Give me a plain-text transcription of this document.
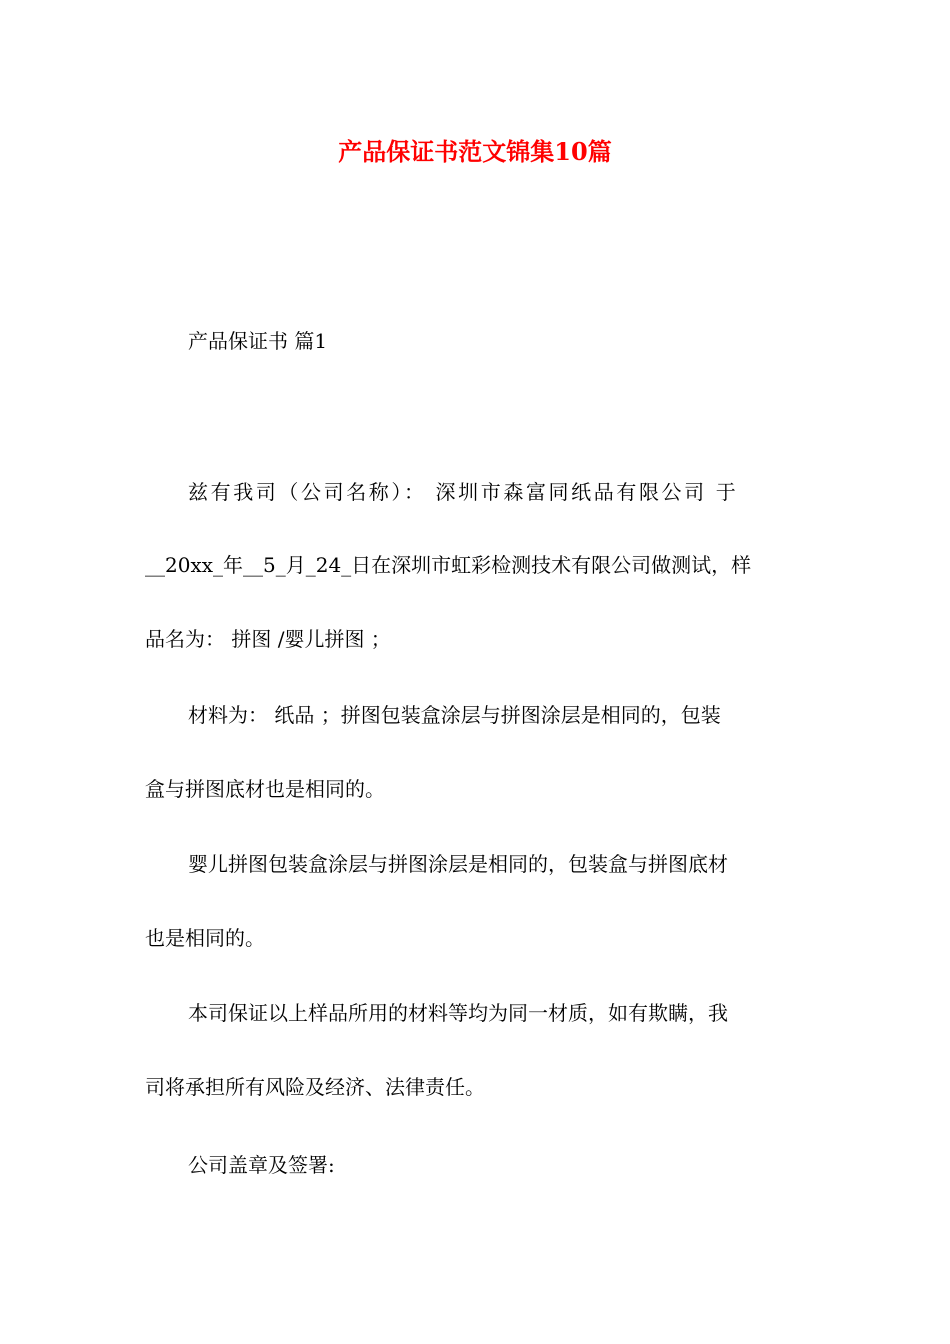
产品保证书范文锦集10篇
产品保证书 篇1
兹有我司（公司名称）： 深圳市森富同纸品有限公司 于
__20xx_年__5_月_24_日在深圳市虹彩检测技术有限公司做测试，样
品名为： 拼图 /婴儿拼图 ；
材料为： 纸品 ；拼图包装盒涂层与拼图涂层是相同的，包装
盒与拼图底材也是相同的。
婴儿拼图包装盒涂层与拼图涂层是相同的，包装盒与拼图底材
也是相同的。
本司保证以上样品所用的材料等均为同一材质，如有欺瞒，我
司将承担所有风险及经济、法律责任。
公司盖章及签署:
